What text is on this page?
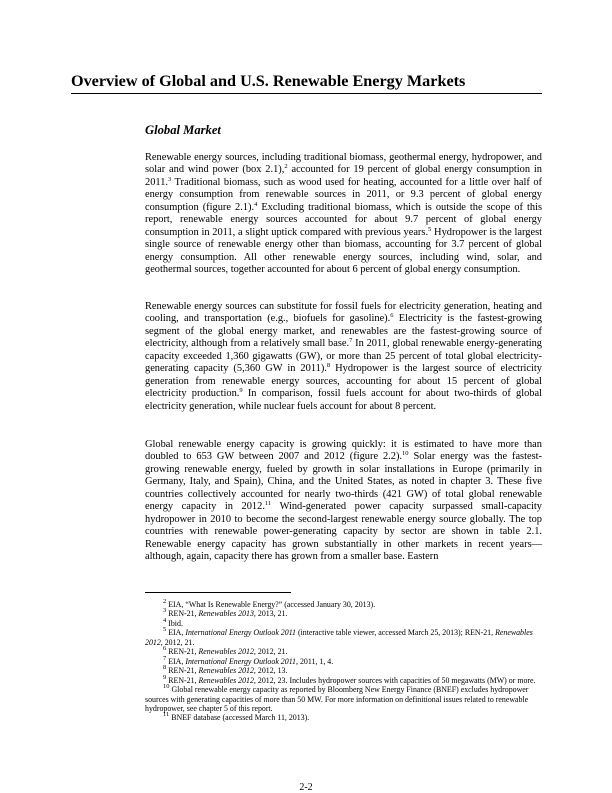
Overview of Global and U.S. Renewable Energy Markets
Global Market

Renewable energy sources, including traditional biomass, geothermal energy, hydropower, and solar and wind power (box 2.1),$^2$ accounted for 19 percent of global energy consumption in 2011.$^3$ Traditional biomass, such as wood used for heating, accounted for a little over half of energy consumption from renewable sources in 2011, or 9.3 percent of global energy consumption (figure 2.1).$^4$ Excluding traditional biomass, which is outside the scope of this report, renewable energy sources accounted for about 9.7 percent of global energy consumption in 2011, a slight uptick compared with previous years.$^5$ Hydropower is the largest single source of renewable energy other than biomass, accounting for 3.7 percent of global energy consumption. All other renewable energy sources, including wind, solar, and geothermal sources, together accounted for about 6 percent of global energy consumption.

Renewable energy sources can substitute for fossil fuels for electricity generation, heating and cooling, and transportation (e.g., biofuels for gasoline).$^6$ Electricity is the fastest-growing segment of the global energy market, and renewables are the fastest-growing source of electricity, although from a relatively small base.$^7$ In 2011, global renewable energy-generating capacity exceeded 1,360 gigawatts (GW), or more than 25 percent of total global electricity-generating capacity (5,360 GW in 2011).$^8$ Hydropower is the largest source of electricity generation from renewable energy sources, accounting for about 15 percent of global electricity production.$^9$ In comparison, fossil fuels account for about two-thirds of global electricity generation, while nuclear fuels account for about 8 percent.

Global renewable energy capacity is growing quickly: it is estimated to have more than doubled to 653 GW between 2007 and 2012 (figure 2.2).$^{10}$ Solar energy was the fastest-growing renewable energy, fueled by growth in solar installations in Europe (primarily in Germany, Italy, and Spain), China, and the United States, as noted in chapter 3. These five countries collectively accounted for nearly two-thirds (421 GW) of total global renewable energy capacity in 2012.11 Wind-generated power capacity surpassed small-capacity hydropower in 2010 to become the second-largest renewable energy source globally. The top countries with renewable power-generating capacity by sector are shown in table 2.1. Renewable energy capacity has grown substantially in other markets in recent years—although, again, capacity there has grown from a smaller base. Eastern

$^2$ EIA, “What Is Renewable Energy?” (accessed January 30, 2013).

$^3$ REN-21, Renewables 2013, 2013, 21.

$^4$ Ibid.

$^5$ EIA, International Energy Outlook 2011 (interactive table viewer, accessed March 25, 2013); REN-21, Renewables 2012, 2012, 21.

$^6$ REN-21, Renewables 2012, 2012, 21.

$^7$ EIA, International Energy Outlook 2011, 2011, 1, 4.

$^8$ REN-21, Renewables 2012, 2012, 13.

$^9$ REN-21, Renewables 2012, 2012, 23. Includes hydropower sources with capacities of 50 megawatts (MW) or more.

$^{10}$ Global renewable energy capacity as reported by Bloomberg New Energy Finance (BNEF) excludes hydropower sources with generating capacities of more than 50 MW. For more information on definitional issues related to renewable hydropower, see chapter 5 of this report.

$^{11}$ BNEF database (accessed March 11, 2013).

2-2
